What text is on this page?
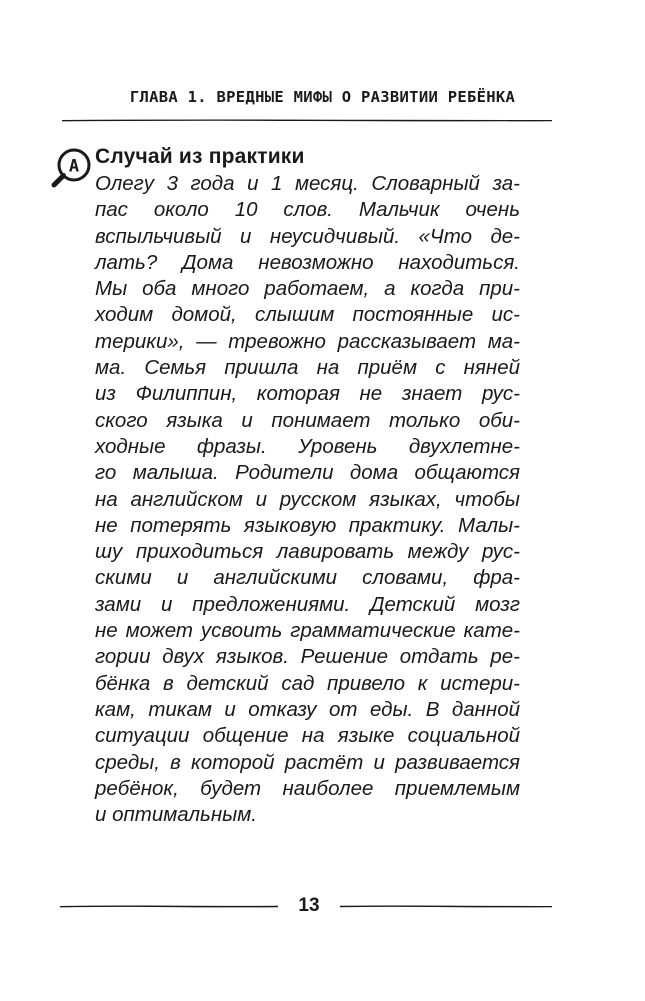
ГЛАВА 1. ВРЕДНЫЕ МИФЫ О РАЗВИТИИ РЕБЁНКА
A Случай из практики
Олегу 3 года и 1 месяц. Словарный за-
пас около 10 слов. Мальчик очень
вспыльчивый и неусидчивый. «Что де-
лать? Дома невозможно находиться.
Мы оба много работаем, а когда при-
ходим домой, слышим постоянные ис-
терики», — тревожно рассказывает ма-
ма. Семья пришла на приём с няней
из Филиппин, которая не знает рус-
ского языка и понимает только оби-
ходные фразы. Уровень двухлетне-
го малыша. Родители дома общаются
на английском и русском языках, чтобы
не потерять языковую практику. Малы-
шу приходиться лавировать между рус-
скими и английскими словами, фра-
зами и предложениями. Детский мозг
не может усвоить грамматические кате-
гории двух языков. Решение отдать ре-
бёнка в детский сад привело к истери-
кам, тикам и отказу от еды. В данной
ситуации общение на языке социальной
среды, в которой растёт и развивается
ребёнок, будет наиболее приемлемым
и оптимальным.
13
